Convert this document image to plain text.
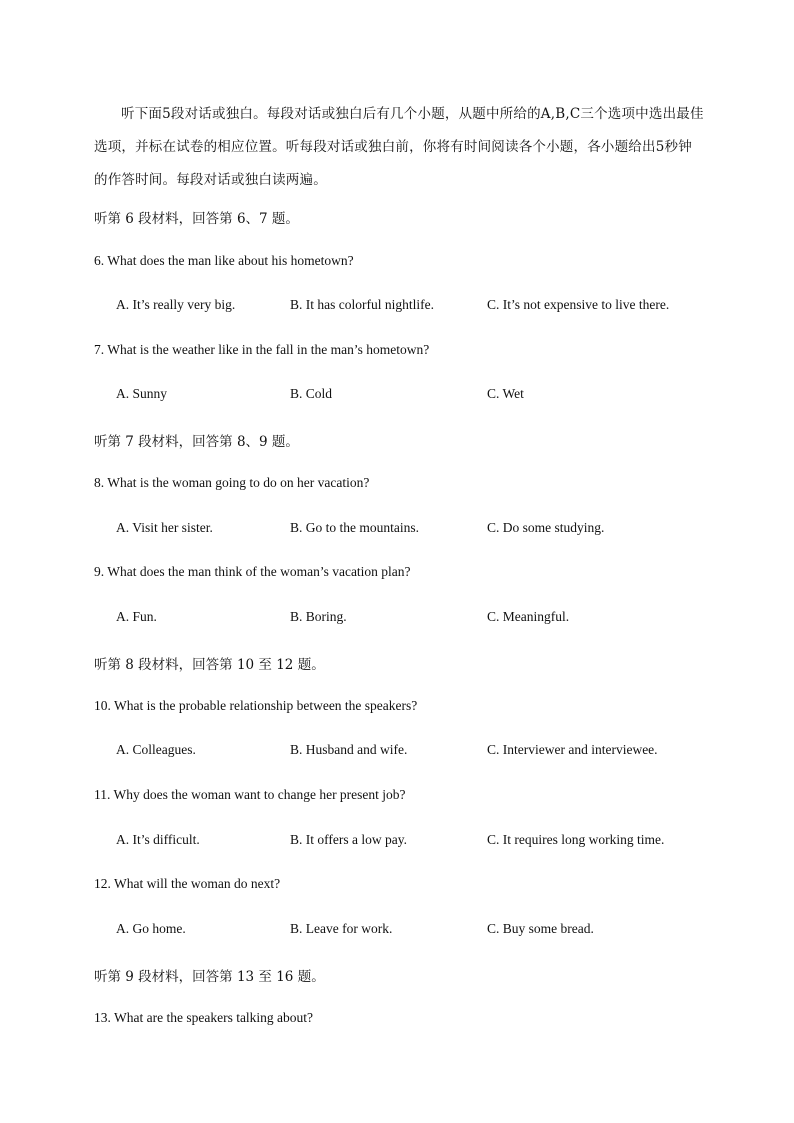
听下面5段对话或独白。每段对话或独白后有几个小题，从题中所给的A,B,C三个选项中选出最佳选项，并标在试卷的相应位置。听每段对话或独白前，你将有时间阅读各个小题，各小题给出5秒钟的作答时间。每段对话或独白读两遍。
听第 6 段材料，回答第 6、7 题。
6. What does the man like about his hometown?
A. It’s really very big.	B. It has colorful nightlife.	C. It’s not expensive to live there.
7. What is the weather like in the fall in the man’s hometown?
A. Sunny	B. Cold	C. Wet
听第 7 段材料，回答第 8、9 题。
8. What is the woman going to do on her vacation?
A. Visit her sister.	B. Go to the mountains.	C. Do some studying.
9. What does the man think of the woman’s vacation plan?
A. Fun.	B. Boring.	C. Meaningful.
听第 8 段材料，回答第 10 至 12 题。
10. What is the probable relationship between the speakers?
A. Colleagues.	B. Husband and wife.	C. Interviewer and interviewee.
11. Why does the woman want to change her present job?
A. It’s difficult.	B. It offers a low pay.	C. It requires long working time.
12. What will the woman do next?
A. Go home.	B. Leave for work.	C. Buy some bread.
听第 9 段材料，回答第 13 至 16 题。
13. What are the speakers talking about?
